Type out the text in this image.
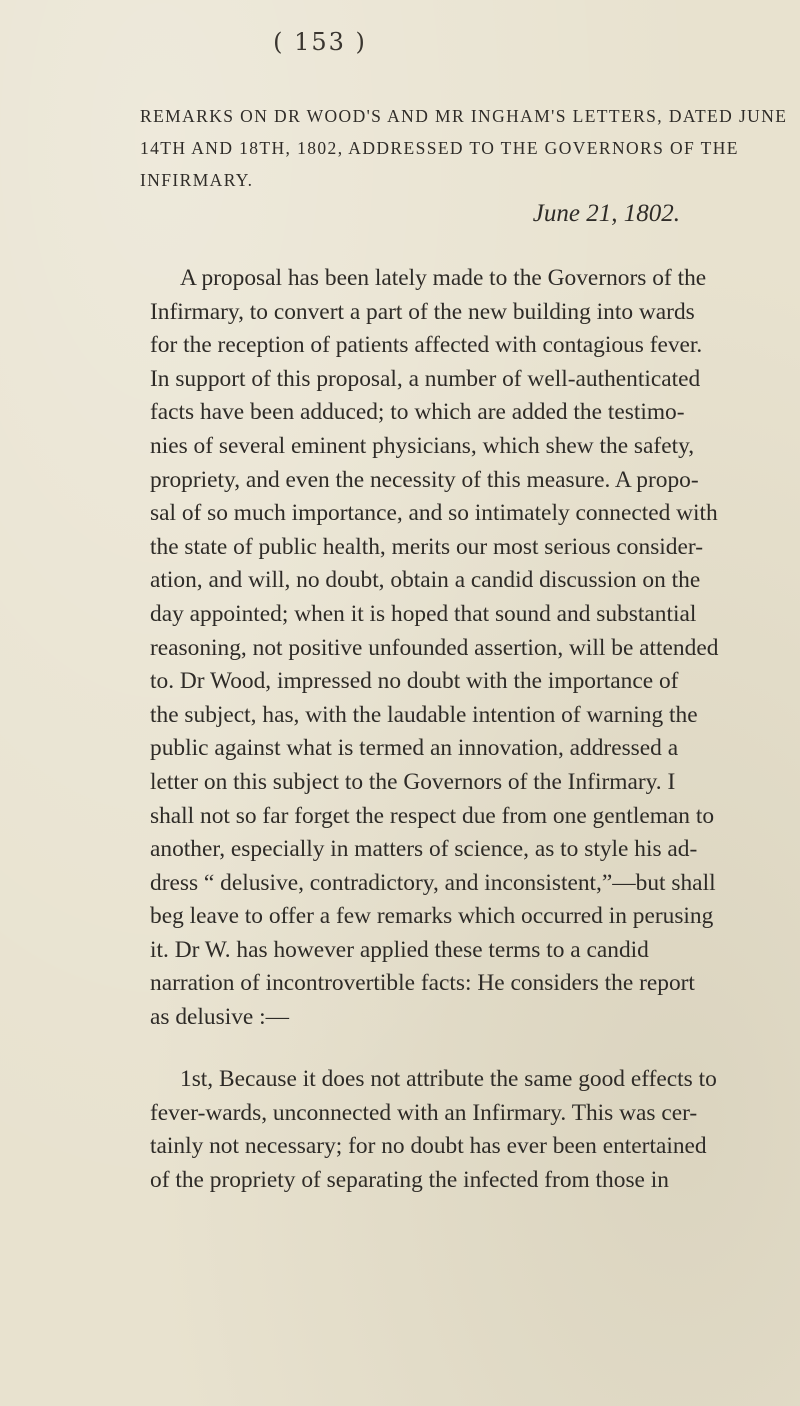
( 153 )
REMARKS ON DR WOOD'S AND MR INGHAM'S LETTERS, DATED JUNE
14TH AND 18TH, 1802, ADDRESSED TO THE GOVERNORS OF THE
INFIRMARY.
June 21, 1802.
A proposal has been lately made to the Governors of the
Infirmary, to convert a part of the new building into wards
for the reception of patients affected with contagious fever.
In support of this proposal, a number of well-authenticated
facts have been adduced; to which are added the testimo-
nies of several eminent physicians, which shew the safety,
propriety, and even the necessity of this measure. A propo-
sal of so much importance, and so intimately connected with
the state of public health, merits our most serious consider-
ation, and will, no doubt, obtain a candid discussion on the
day appointed; when it is hoped that sound and substantial
reasoning, not positive unfounded assertion, will be attended
to. Dr Wood, impressed no doubt with the importance of
the subject, has, with the laudable intention of warning the
public against what is termed an innovation, addressed a
letter on this subject to the Governors of the Infirmary. I
shall not so far forget the respect due from one gentleman to
another, especially in matters of science, as to style his ad-
dress “ delusive, contradictory, and inconsistent,”—but shall
beg leave to offer a few remarks which occurred in perusing
it. Dr W. has however applied these terms to a candid
narration of incontrovertible facts: He considers the report
as delusive :—
1st, Because it does not attribute the same good effects to
fever-wards, unconnected with an Infirmary. This was cer-
tainly not necessary; for no doubt has ever been entertained
of the propriety of separating the infected from those in
